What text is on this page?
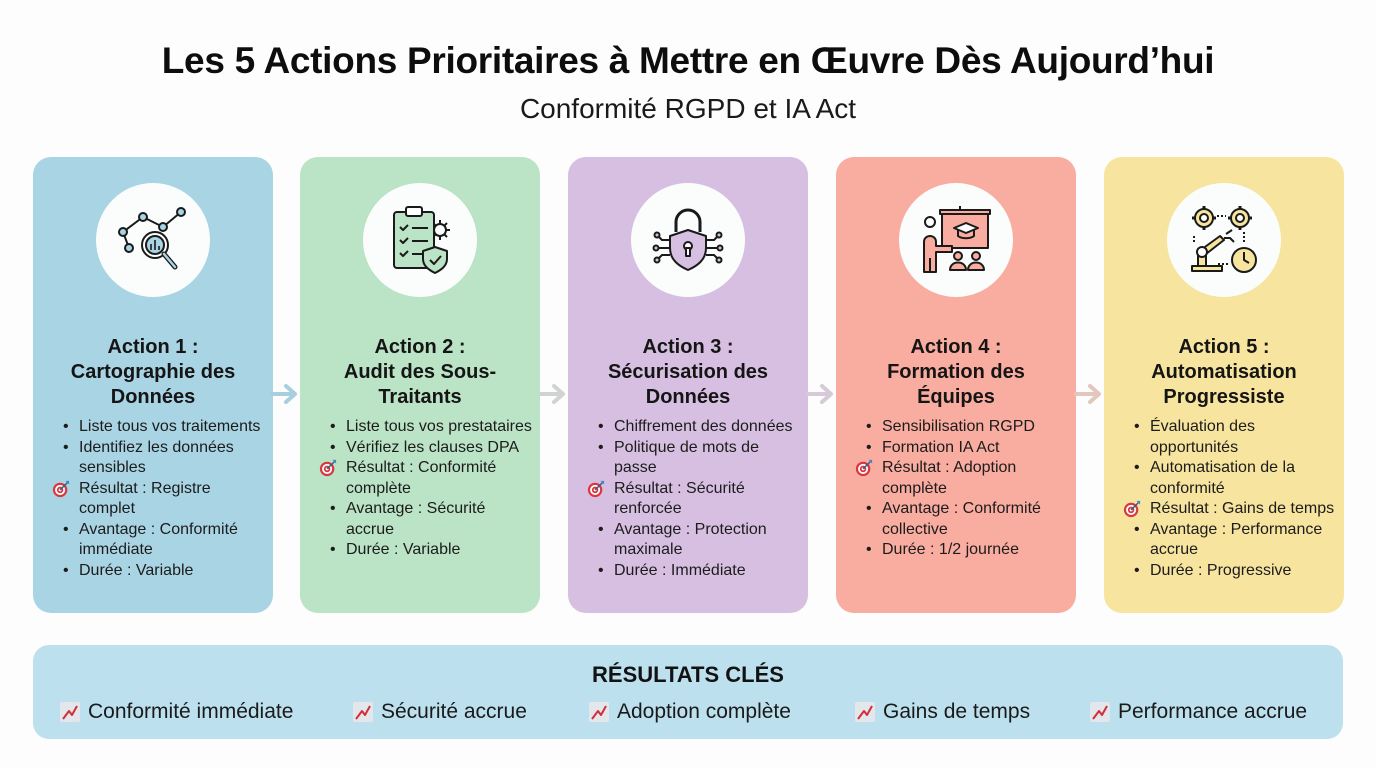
Les 5 Actions Prioritaires à Mettre en Œuvre Dès Aujourd’hui
Conformité RGPD et IA Act
Action 1 :
Cartographie des
Données
• Liste tous vos traitements
• Identifiez les données sensibles
Résultat : Registre complet
• Avantage : Conformité immédiate
• Durée : Variable
Action 2 :
Audit des Sous-
Traitants
• Liste tous vos prestataires
• Vérifiez les clauses DPA
Résultat : Conformité complète
• Avantage : Sécurité accrue
• Durée : Variable
Action 3 :
Sécurisation des
Données
• Chiffrement des données
• Politique de mots de passe
Résultat : Sécurité renforcée
• Avantage : Protection maximale
• Durée : Immédiate
Action 4 :
Formation des
Équipes
• Sensibilisation RGPD
• Formation IA Act
Résultat : Adoption complète
• Avantage : Conformité collective
• Durée : 1/2 journée
Action 5 :
Automatisation
Progressiste
• Évaluation des opportunités
• Automatisation de la conformité
Résultat : Gains de temps
• Avantage : Performance accrue
• Durée : Progressive
RÉSULTATS CLÉS
Conformité immédiate	Sécurité accrue	Adoption complète	Gains de temps	Performance accrue
